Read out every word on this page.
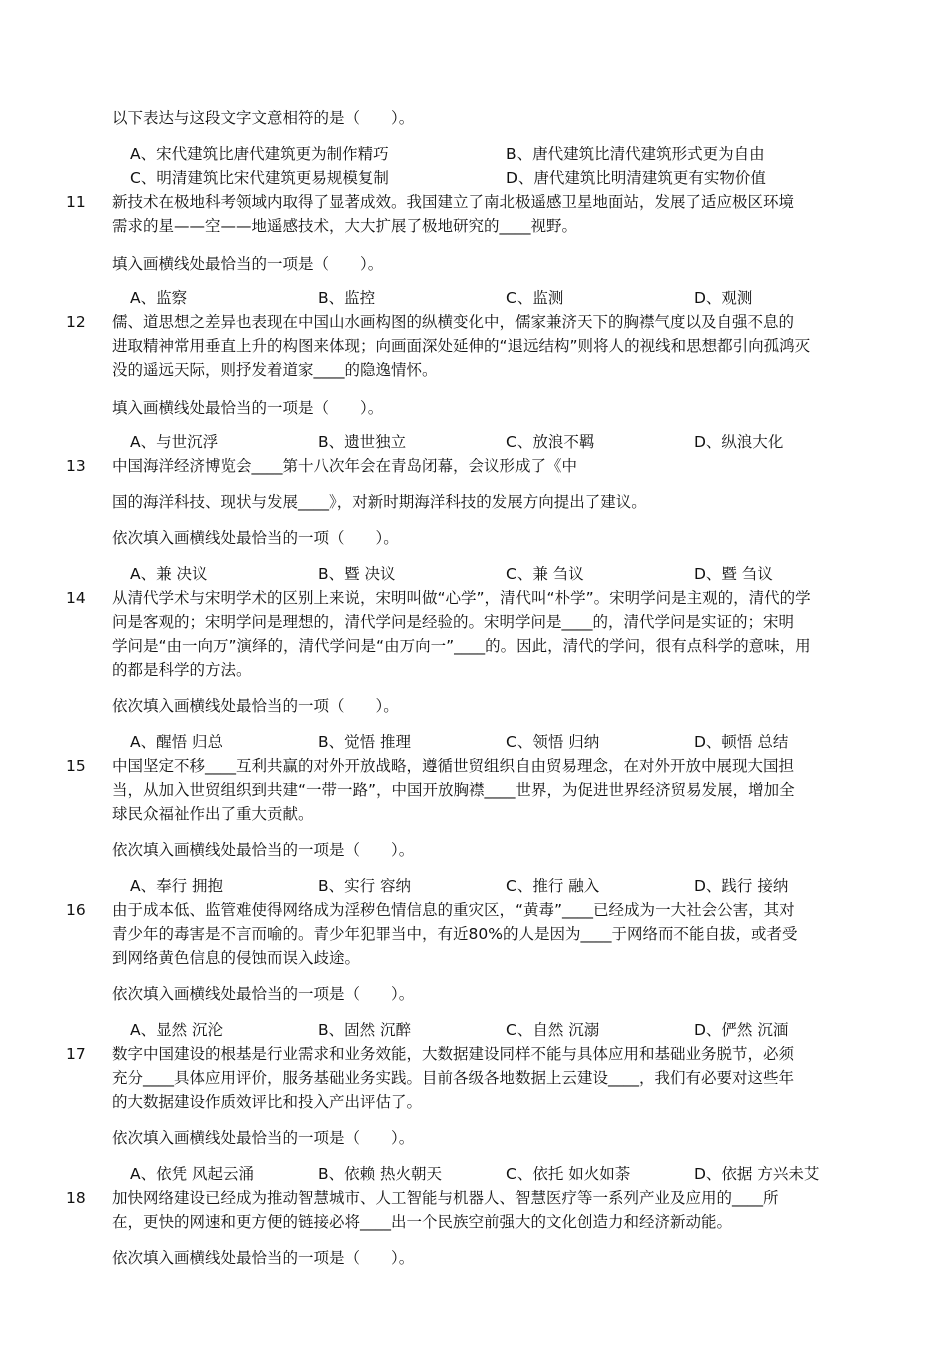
以下表达与这段文字文意相符的是（　　）。
A、宋代建筑比唐代建筑更为制作精巧	B、唐代建筑比清代建筑形式更为自由
C、明清建筑比宋代建筑更易规模复制	D、唐代建筑比明清建筑更有实物价值
11 新技术在极地科考领域内取得了显著成效。我国建立了南北极遥感卫星地面站，发展了适应极区环境
需求的星——空——地遥感技术，大大扩展了极地研究的____视野。
填入画横线处最恰当的一项是（　　）。
A、监察	B、监控	C、监测	D、观测
12 儒、道思想之差异也表现在中国山水画构图的纵横变化中，儒家兼济天下的胸襟气度以及自强不息的
进取精神常用垂直上升的构图来体现；向画面深处延伸的“退远结构”则将人的视线和思想都引向孤鸿灭
没的遥远天际，则抒发着道家____的隐逸情怀。
填入画横线处最恰当的一项是（　　）。
A、与世沉浮	B、遗世独立	C、放浪不羁	D、纵浪大化
13 中国海洋经济博览会____第十八次年会在青岛闭幕，会议形成了《中
国的海洋科技、现状与发展____》，对新时期海洋科技的发展方向提出了建议。
依次填入画横线处最恰当的一项（　　）。
A、兼 决议	B、暨 决议	C、兼 刍议	D、暨 刍议
14 从清代学术与宋明学术的区别上来说，宋明叫做“心学”，清代叫“朴学”。宋明学问是主观的，清代的学
问是客观的；宋明学问是理想的，清代学问是经验的。宋明学问是____的，清代学问是实证的；宋明
学问是“由一向万”演绎的，清代学问是“由万向一”____的。因此，清代的学问，很有点科学的意味，用
的都是科学的方法。
依次填入画横线处最恰当的一项（　　）。
A、醒悟 归总	B、觉悟 推理	C、领悟 归纳	D、顿悟 总结
15 中国坚定不移____互利共赢的对外开放战略，遵循世贸组织自由贸易理念，在对外开放中展现大国担
当，从加入世贸组织到共建“一带一路”，中国开放胸襟____世界，为促进世界经济贸易发展，增加全
球民众福祉作出了重大贡献。
依次填入画横线处最恰当的一项是（　　）。
A、奉行 拥抱	B、实行 容纳	C、推行 融入	D、践行 接纳
16 由于成本低、监管难使得网络成为淫秽色情信息的重灾区，“黄毒”____已经成为一大社会公害，其对
青少年的毒害是不言而喻的。青少年犯罪当中，有近80%的人是因为____于网络而不能自拔，或者受
到网络黄色信息的侵蚀而误入歧途。
依次填入画横线处最恰当的一项是（　　）。
A、显然 沉沦	B、固然 沉醉	C、自然 沉溺	D、俨然 沉湎
17 数字中国建设的根基是行业需求和业务效能，大数据建设同样不能与具体应用和基础业务脱节，必须
充分____具体应用评价，服务基础业务实践。目前各级各地数据上云建设____，我们有必要对这些年
的大数据建设作质效评比和投入产出评估了。
依次填入画横线处最恰当的一项是（　　）。
A、依凭 风起云涌	B、依赖 热火朝天	C、依托 如火如荼	D、依据 方兴未艾
18 加快网络建设已经成为推动智慧城市、人工智能与机器人、智慧医疗等一系列产业及应用的____所
在，更快的网速和更方便的链接必将____出一个民族空前强大的文化创造力和经济新动能。
依次填入画横线处最恰当的一项是（　　）。
